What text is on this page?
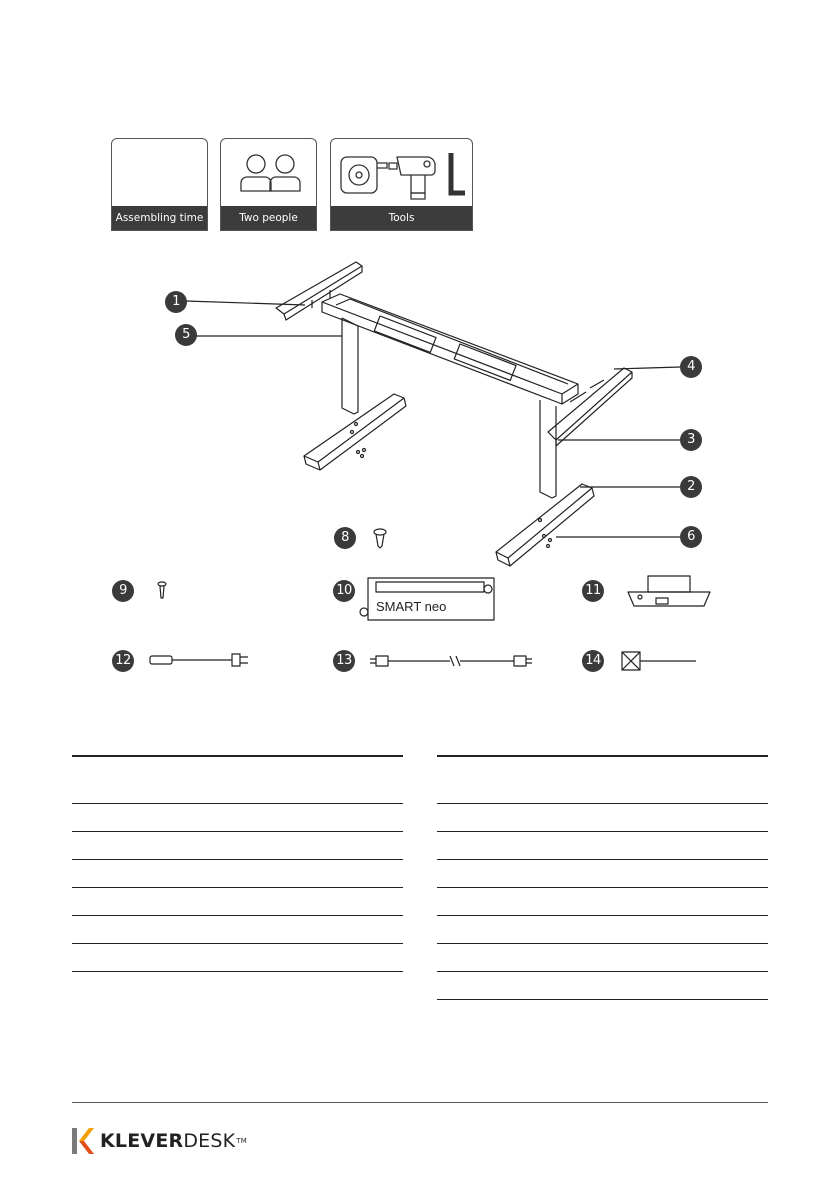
Assembling time	Two people	Tools
1
5
4
3
2
6
8
9	10	11
12	13	14
SMART neo
KLEVER DESK TM
